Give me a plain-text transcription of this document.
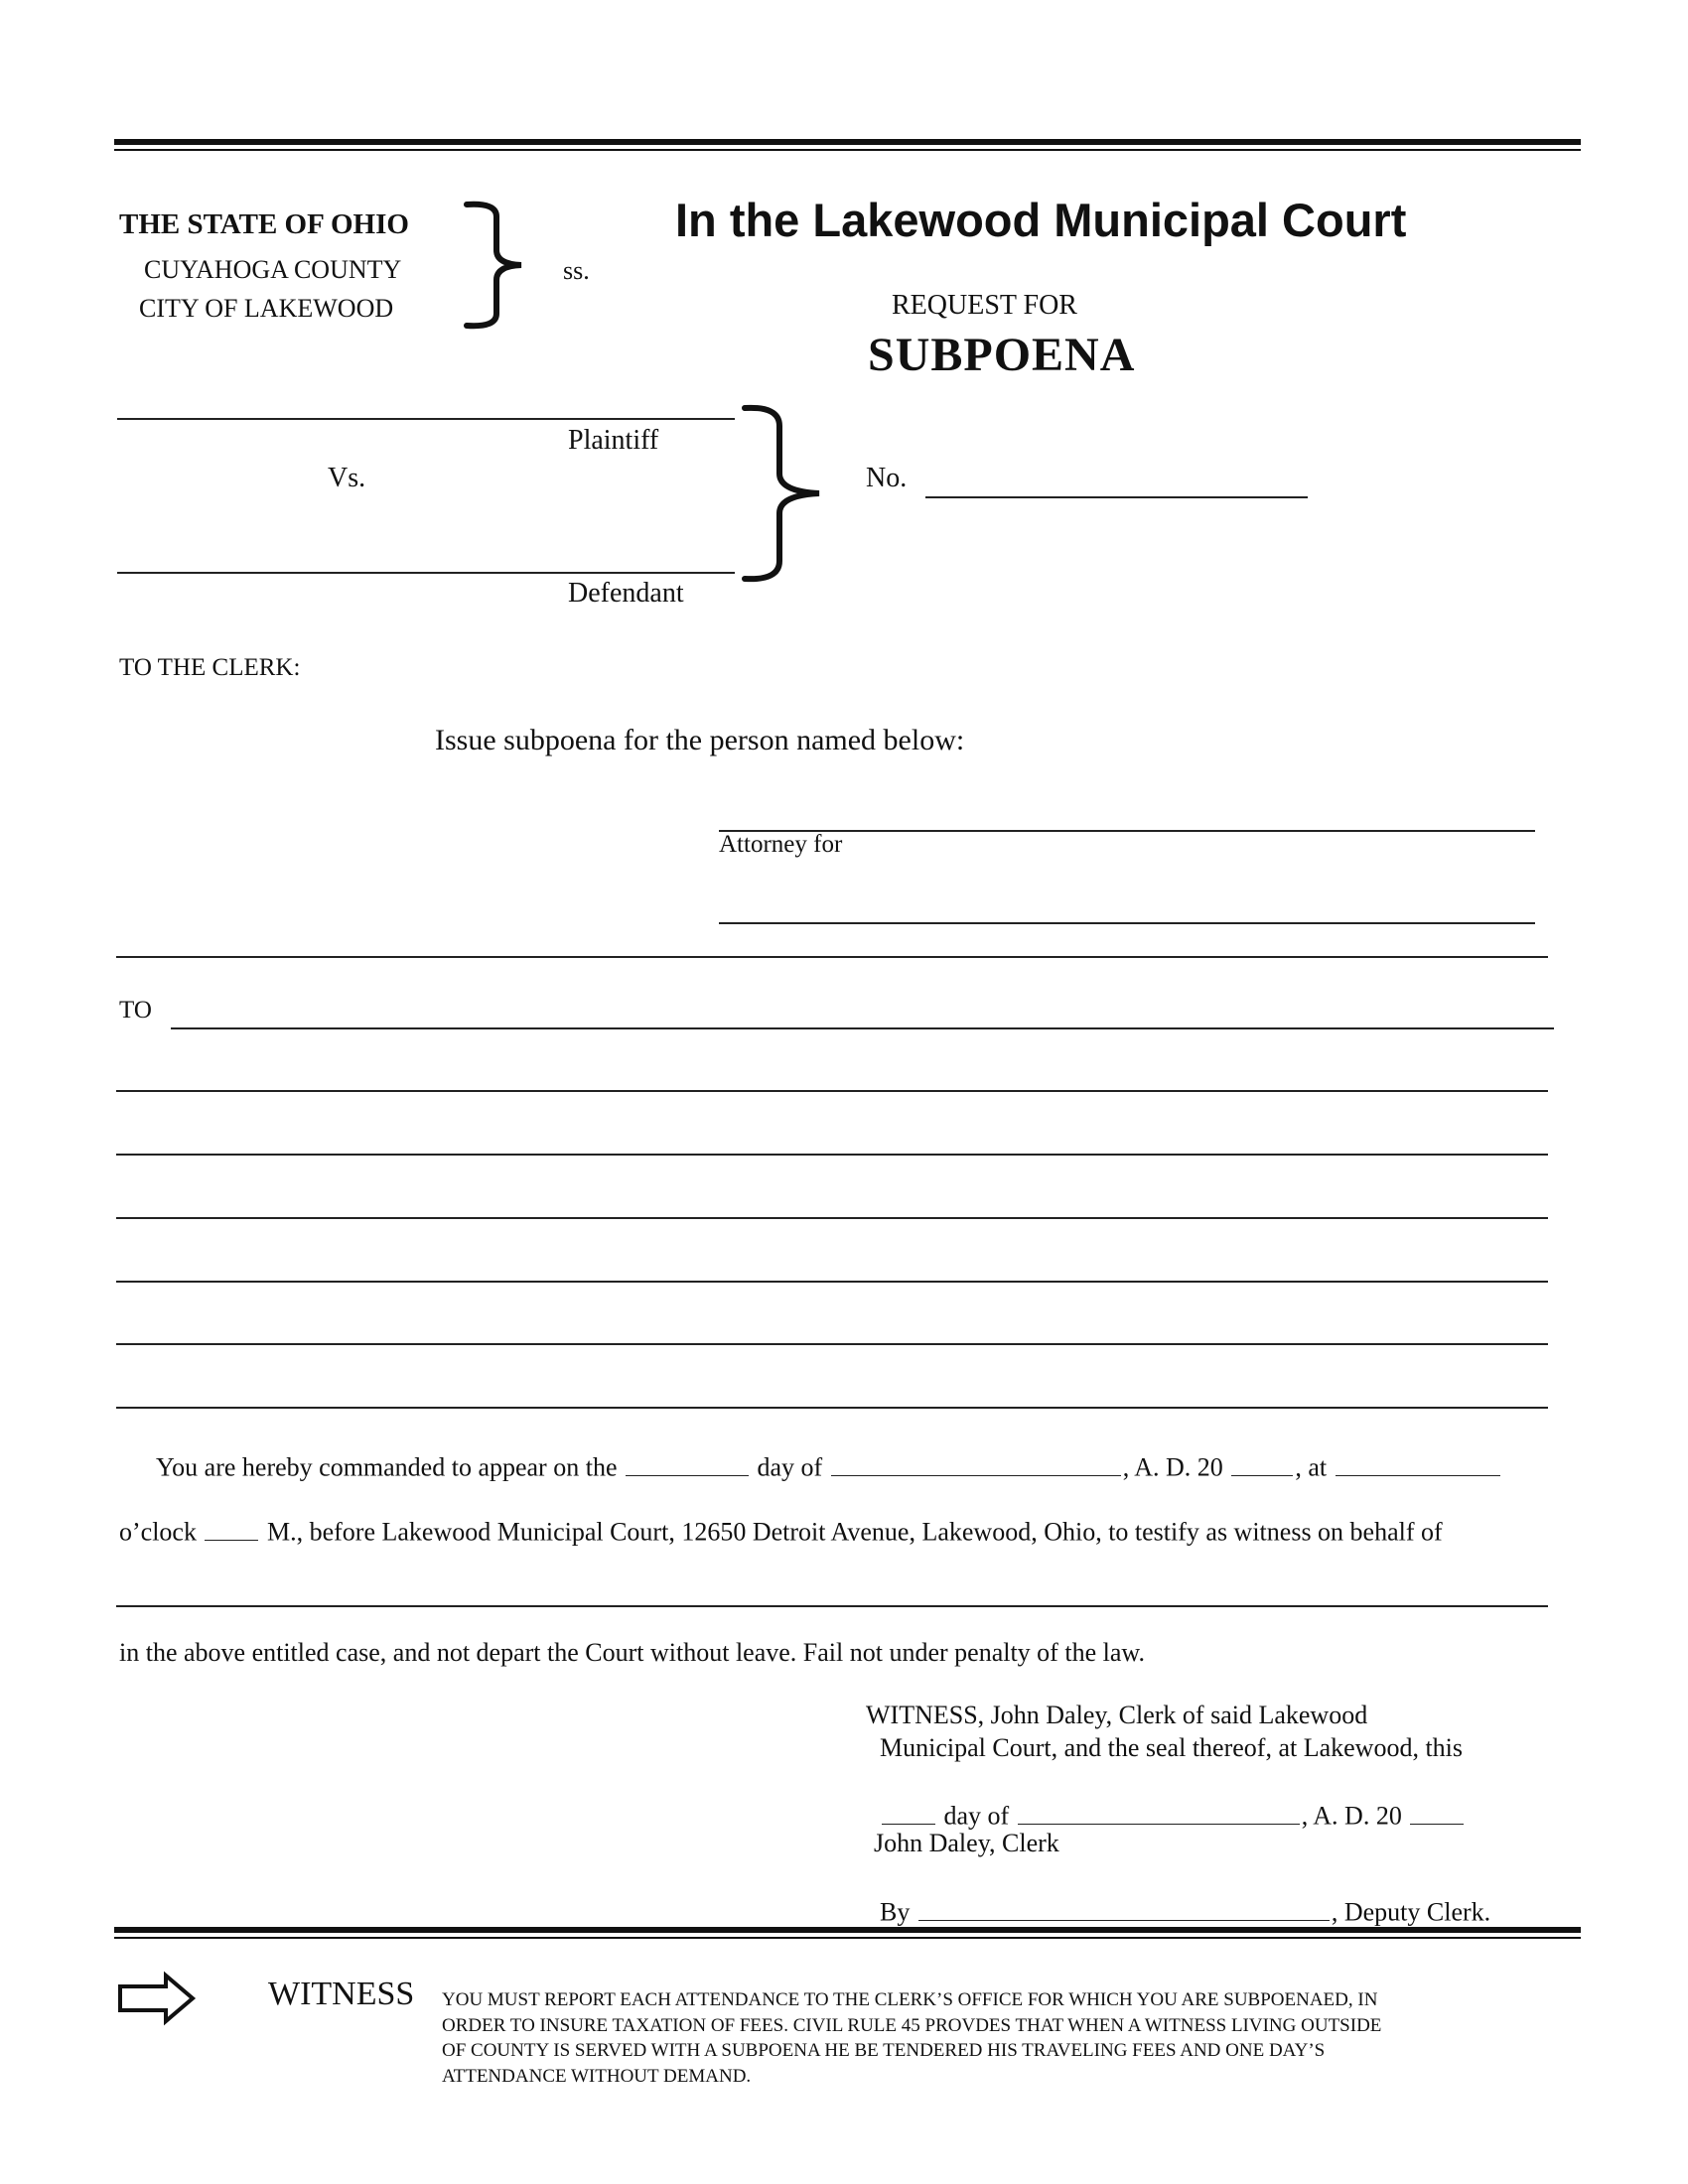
THE STATE OF OHIO
CUYAHOGA COUNTY
CITY OF LAKEWOOD
ss.
In the Lakewood Municipal Court
REQUEST FOR
SUBPOENA
Plaintiff
Vs.
Defendant
No.
TO THE CLERK:
Issue subpoena for the person named below:
Attorney for
TO
You are hereby commanded to appear on the	day of	, A. D. 20	, at
o’clock	M., before Lakewood Municipal Court, 12650 Detroit Avenue, Lakewood, Ohio, to testify as witness on behalf of
in the above entitled case, and not depart the Court without leave. Fail not under penalty of the law.
WITNESS, John Daley, Clerk of said Lakewood
Municipal Court, and the seal thereof, at Lakewood, this
day of	, A. D. 20
John Daley, Clerk
By	, Deputy Clerk.
WITNESS YOU MUST REPORT EACH ATTENDANCE TO THE CLERK’S OFFICE FOR WHICH YOU ARE SUBPOENAED, IN
ORDER TO INSURE TAXATION OF FEES. CIVIL RULE 45 PROVDES THAT WHEN A WITNESS LIVING OUTSIDE
OF COUNTY IS SERVED WITH A SUBPOENA HE BE TENDERED HIS TRAVELING FEES AND ONE DAY’S
ATTENDANCE WITHOUT DEMAND.
